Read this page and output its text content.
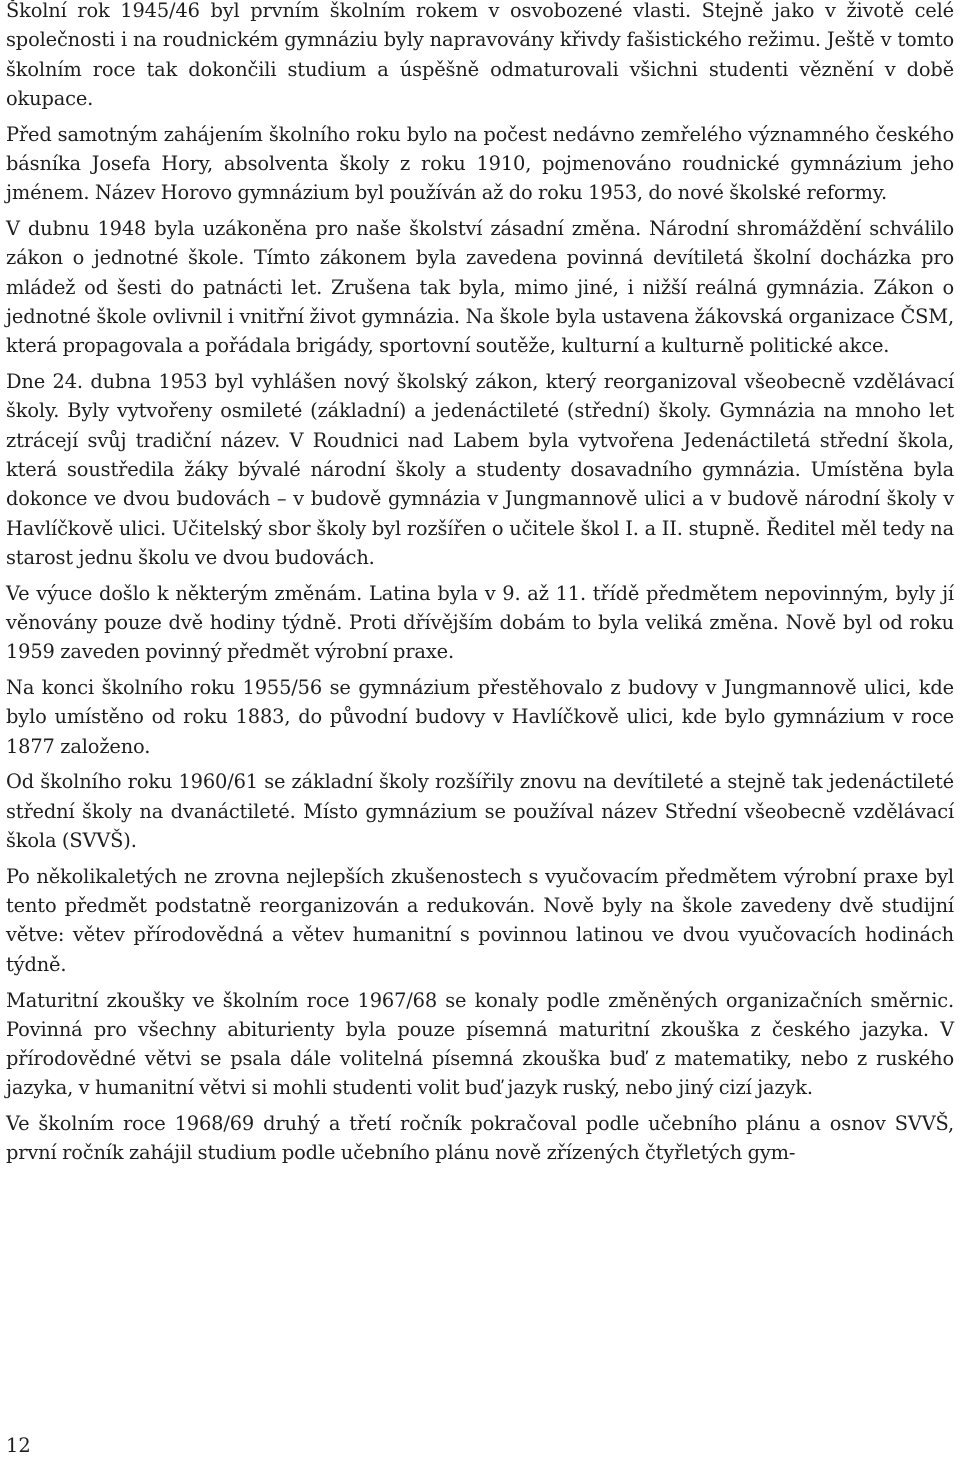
Školní rok 1945/46 byl prvním školním rokem v osvobozené vlasti. Stejně jako v životě celé společnosti i na roudnickém gymnáziu byly napravovány křivdy fašistického režimu. Ještě v tomto školním roce tak dokončili studium a úspěšně odmaturovali všichni studenti věznění v době okupace.

Před samotným zahájením školního roku bylo na počest nedávno zemřelého významného českého básníka Josefa Hory, absolventa školy z roku 1910, pojmenováno roudnické gymnázium jeho jménem. Název Horovo gymnázium byl používán až do roku 1953, do nové školské reformy.

V dubnu 1948 byla uzákoněna pro naše školství zásadní změna. Národní shromáždění schválilo zákon o jednotné škole. Tímto zákonem byla zavedena povinná devítiletá školní docházka pro mládež od šesti do patnácti let. Zrušena tak byla, mimo jiné, i nižší reálná gymnázia. Zákon o jednotné škole ovlivnil i vnitřní život gymnázia. Na škole byla ustavena žákovská organizace ČSM, která propagovala a pořádala brigády, sportovní soutěže, kulturní a kulturně politické akce.

Dne 24. dubna 1953 byl vyhlášen nový školský zákon, který reorganizoval všeobecně vzdělávací školy. Byly vytvořeny osmileté (základní) a jedenáctileté (střední) školy. Gymnázia na mnoho let ztrácejí svůj tradiční název. V Roudnici nad Labem byla vytvořena Jedenáctiletá střední škola, která soustředila žáky bývalé národní školy a studenty dosavadního gymnázia. Umístěna byla dokonce ve dvou budovách – v budově gymnázia v Jungmannově ulici a v budově národní školy v Havlíčkově ulici. Učitelský sbor školy byl rozšířen o učitele škol I. a II. stupně. Ředitel měl tedy na starost jednu školu ve dvou budovách.

Ve výuce došlo k některým změnám. Latina byla v 9. až 11. třídě předmětem nepovinným, byly jí věnovány pouze dvě hodiny týdně. Proti dřívějším dobám to byla veliká změna. Nově byl od roku 1959 zaveden povinný předmět výrobní praxe.

Na konci školního roku 1955/56 se gymnázium přestěhovalo z budovy v Jungmannově ulici, kde bylo umístěno od roku 1883, do původní budovy v Havlíčkově ulici, kde bylo gymnázium v roce 1877 založeno.

Od školního roku 1960/61 se základní školy rozšířily znovu na devítileté a stejně tak jedenáctileté střední školy na dvanáctileté. Místo gymnázium se používal název Střední všeobecně vzdělávací škola (SVVŠ).

Po několikaletých ne zrovna nejlepších zkušenostech s vyučovacím předmětem výrobní praxe byl tento předmět podstatně reorganizován a redukován. Nově byly na škole zavedeny dvě studijní větve: větev přírodovědná a větev humanitní s povinnou latinou ve dvou vyučovacích hodinách týdně.

Maturitní zkoušky ve školním roce 1967/68 se konaly podle změněných organizačních směrnic. Povinná pro všechny abiturienty byla pouze písemná maturitní zkouška z českého jazyka. V přírodovědné větvi se psala dále volitelná písemná zkouška buď z matematiky, nebo z ruského jazyka, v humanitní větvi si mohli studenti volit buď jazyk ruský, nebo jiný cizí jazyk.

Ve školním roce 1968/69 druhý a třetí ročník pokračoval podle učebního plánu a osnov SVVŠ, první ročník zahájil studium podle učebního plánu nově zřízených čtyřletých gym-

12
